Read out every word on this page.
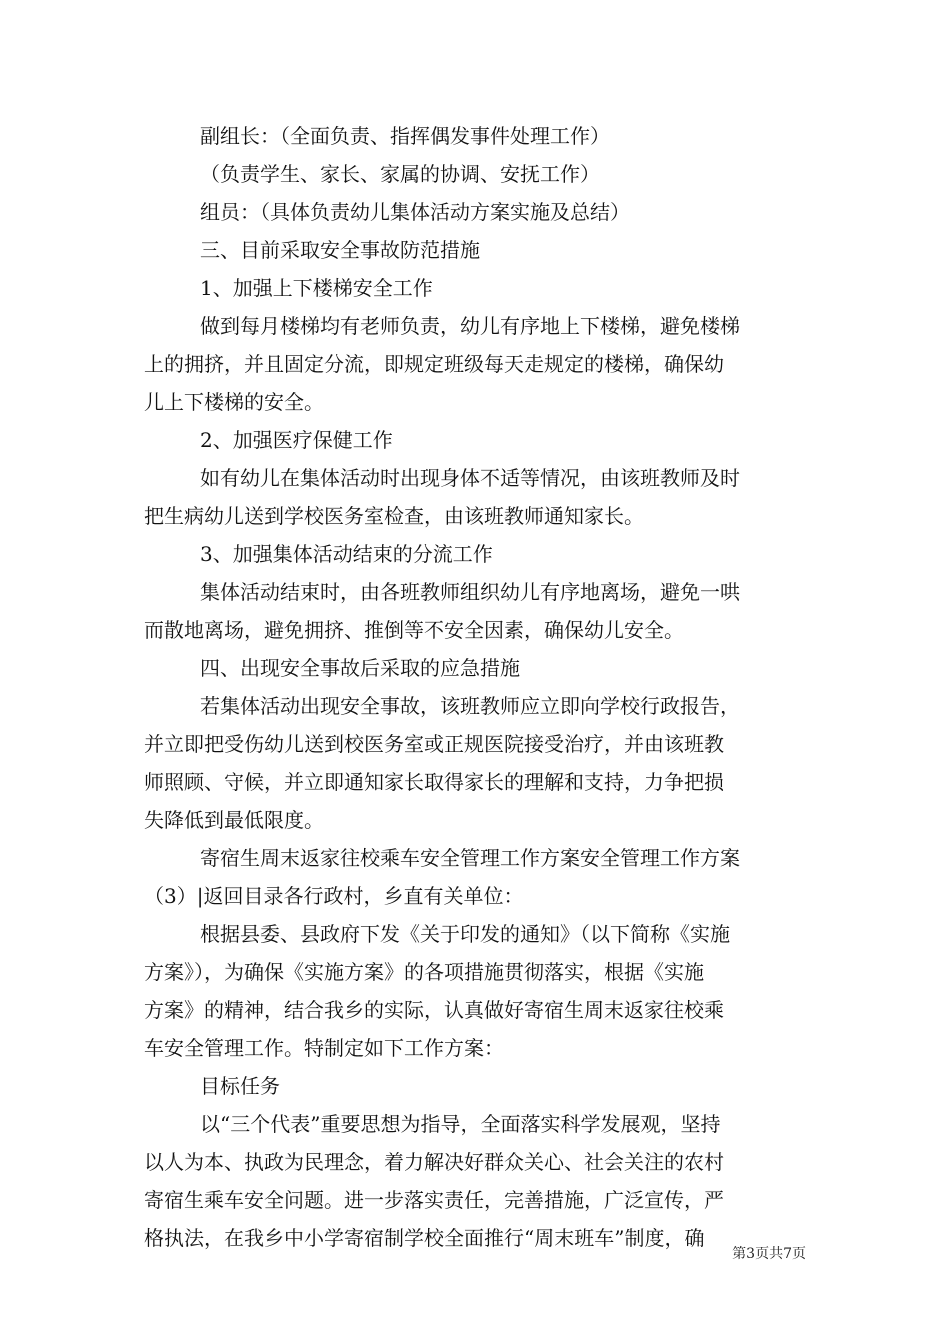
副组长：（全面负责、指挥偶发事件处理工作）
（负责学生、家长、家属的协调、安抚工作）
组员：（具体负责幼儿集体活动方案实施及总结）
三、目前采取安全事故防范措施
1、加强上下楼梯安全工作
做到每月楼梯均有老师负责，幼儿有序地上下楼梯，避免楼梯
上的拥挤，并且固定分流，即规定班级每天走规定的楼梯，确保幼
儿上下楼梯的安全。
2、加强医疗保健工作
如有幼儿在集体活动时出现身体不适等情况，由该班教师及时
把生病幼儿送到学校医务室检查，由该班教师通知家长。
3、加强集体活动结束的分流工作
集体活动结束时，由各班教师组织幼儿有序地离场，避免一哄
而散地离场，避免拥挤、推倒等不安全因素，确保幼儿安全。
四、出现安全事故后采取的应急措施
若集体活动出现安全事故，该班教师应立即向学校行政报告，
并立即把受伤幼儿送到校医务室或正规医院接受治疗，并由该班教
师照顾、守候，并立即通知家长取得家长的理解和支持，力争把损
失降低到最低限度。
寄宿生周末返家往校乘车安全管理工作方案安全管理工作方案
（3）|返回目录各行政村，乡直有关单位：
根据县委、县政府下发《关于印发的通知》（以下简称《实施
方案》），为确保《实施方案》的各项措施贯彻落实，根据《实施
方案》的精神，结合我乡的实际，认真做好寄宿生周末返家往校乘
车安全管理工作。特制定如下工作方案：
目标任务
以“三个代表”重要思想为指导，全面落实科学发展观，坚持
以人为本、执政为民理念，着力解决好群众关心、社会关注的农村
寄宿生乘车安全问题。进一步落实责任，完善措施，广泛宣传，严
格执法，在我乡中小学寄宿制学校全面推行“周末班车”制度，确
第3页共7页
